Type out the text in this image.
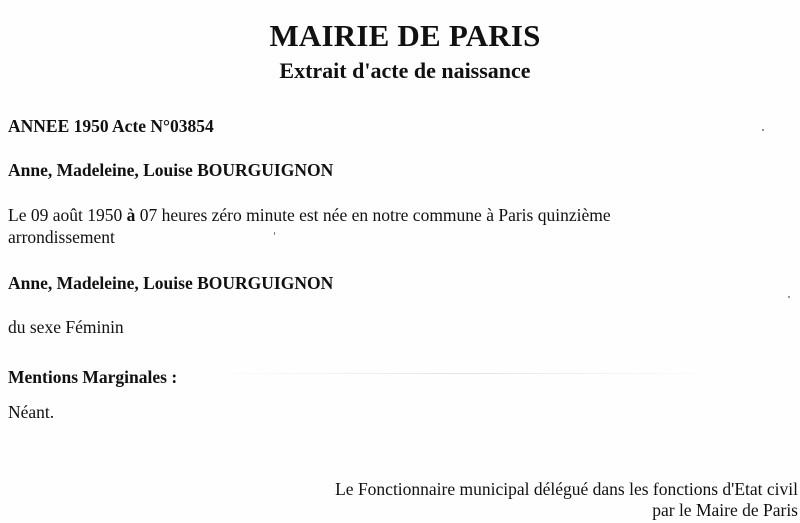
MAIRIE DE PARIS
Extrait d'acte de naissance
ANNEE 1950 Acte N°03854
Anne, Madeleine, Louise BOURGUIGNON
Le 09 août 1950 à 07 heures zéro minute est née en notre commune à Paris quinzième
arrondissement
Anne, Madeleine, Louise BOURGUIGNON
du sexe Féminin
Mentions Marginales :
Néant.
Le Fonctionnaire municipal délégué dans les fonctions d'Etat civil
par le Maire de Paris
